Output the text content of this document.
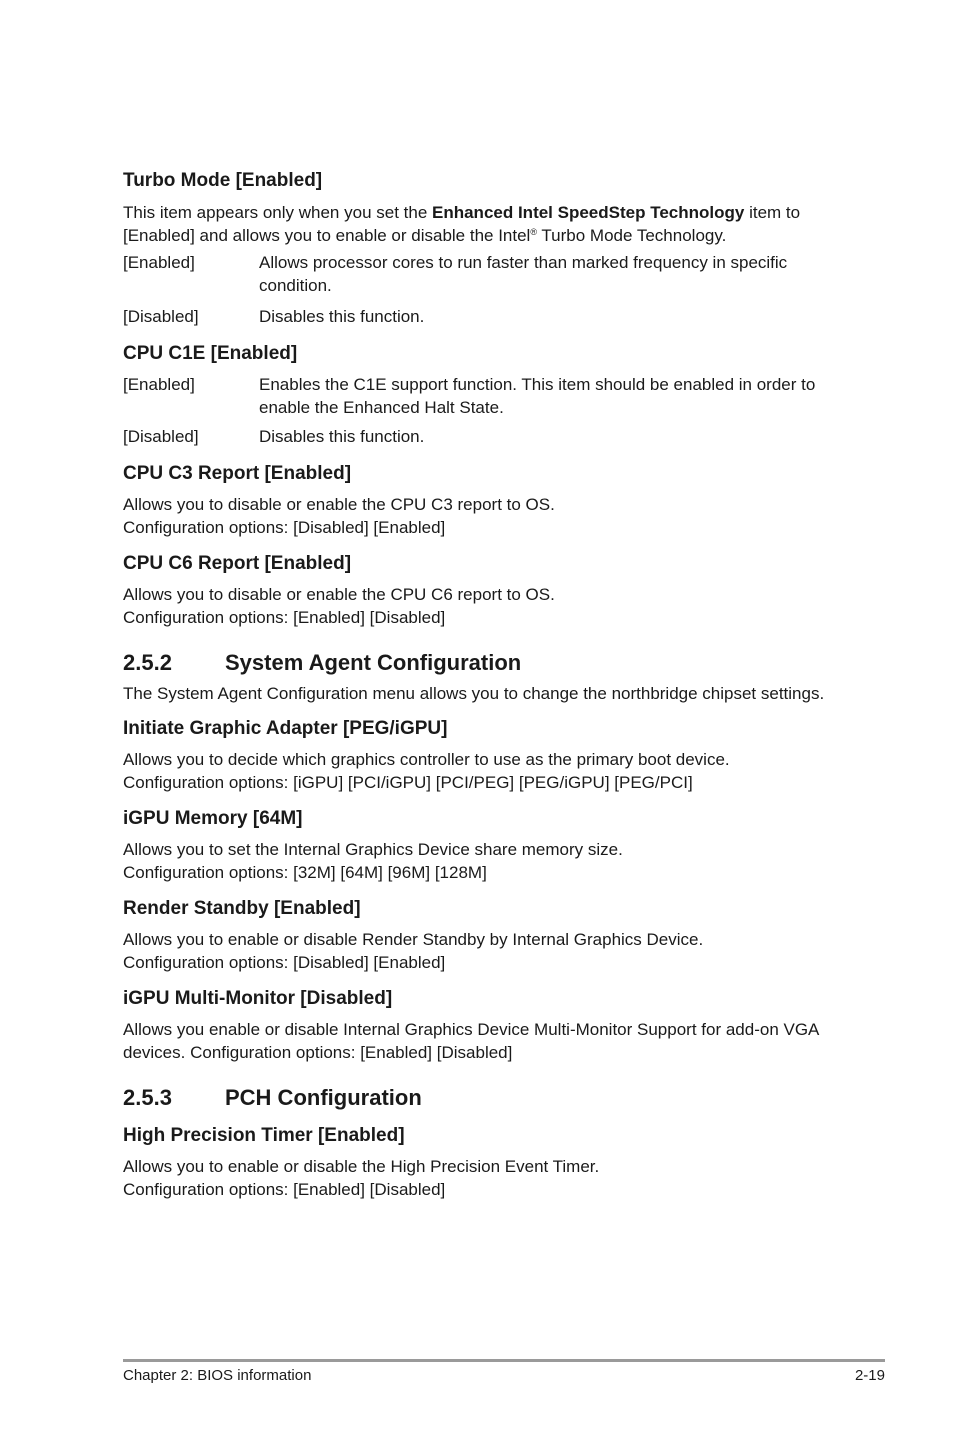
Turbo Mode [Enabled]

This item appears only when you set the Enhanced Intel SpeedStep Technology item to [Enabled] and allows you to enable or disable the Intel® Turbo Mode Technology.

[Enabled]	Allows processor cores to run faster than marked frequency in specific condition.
[Disabled]	Disables this function.
CPU C1E [Enabled]
[Enabled]	Enables the C1E support function. This item should be enabled in order to enable the Enhanced Halt State.
[Disabled]	Disables this function.
CPU C3 Report [Enabled]

Allows you to disable or enable the CPU C3 report to OS.

Configuration options: [Disabled] [Enabled]

CPU C6 Report [Enabled]

Allows you to disable or enable the CPU C6 report to OS.

Configuration options: [Enabled] [Disabled]

2.5.2	System Agent Configuration

The System Agent Configuration menu allows you to change the northbridge chipset settings.

Initiate Graphic Adapter [PEG/iGPU]

Allows you to decide which graphics controller to use as the primary boot device.

Configuration options: [iGPU] [PCI/iGPU] [PCI/PEG] [PEG/iGPU] [PEG/PCI]

iGPU Memory [64M]

Allows you to set the Internal Graphics Device share memory size.

Configuration options: [32M] [64M] [96M] [128M]

Render Standby [Enabled]

Allows you to enable or disable Render Standby by Internal Graphics Device.

Configuration options: [Disabled] [Enabled]

iGPU Multi-Monitor [Disabled]

Allows you enable or disable Internal Graphics Device Multi-Monitor Support for add-on VGA devices. Configuration options: [Enabled] [Disabled]

2.5.3	PCH Configuration
High Precision Timer [Enabled]

Allows you to enable or disable the High Precision Event Timer.

Configuration options: [Enabled] [Disabled]

Chapter 2: BIOS information	2-19
